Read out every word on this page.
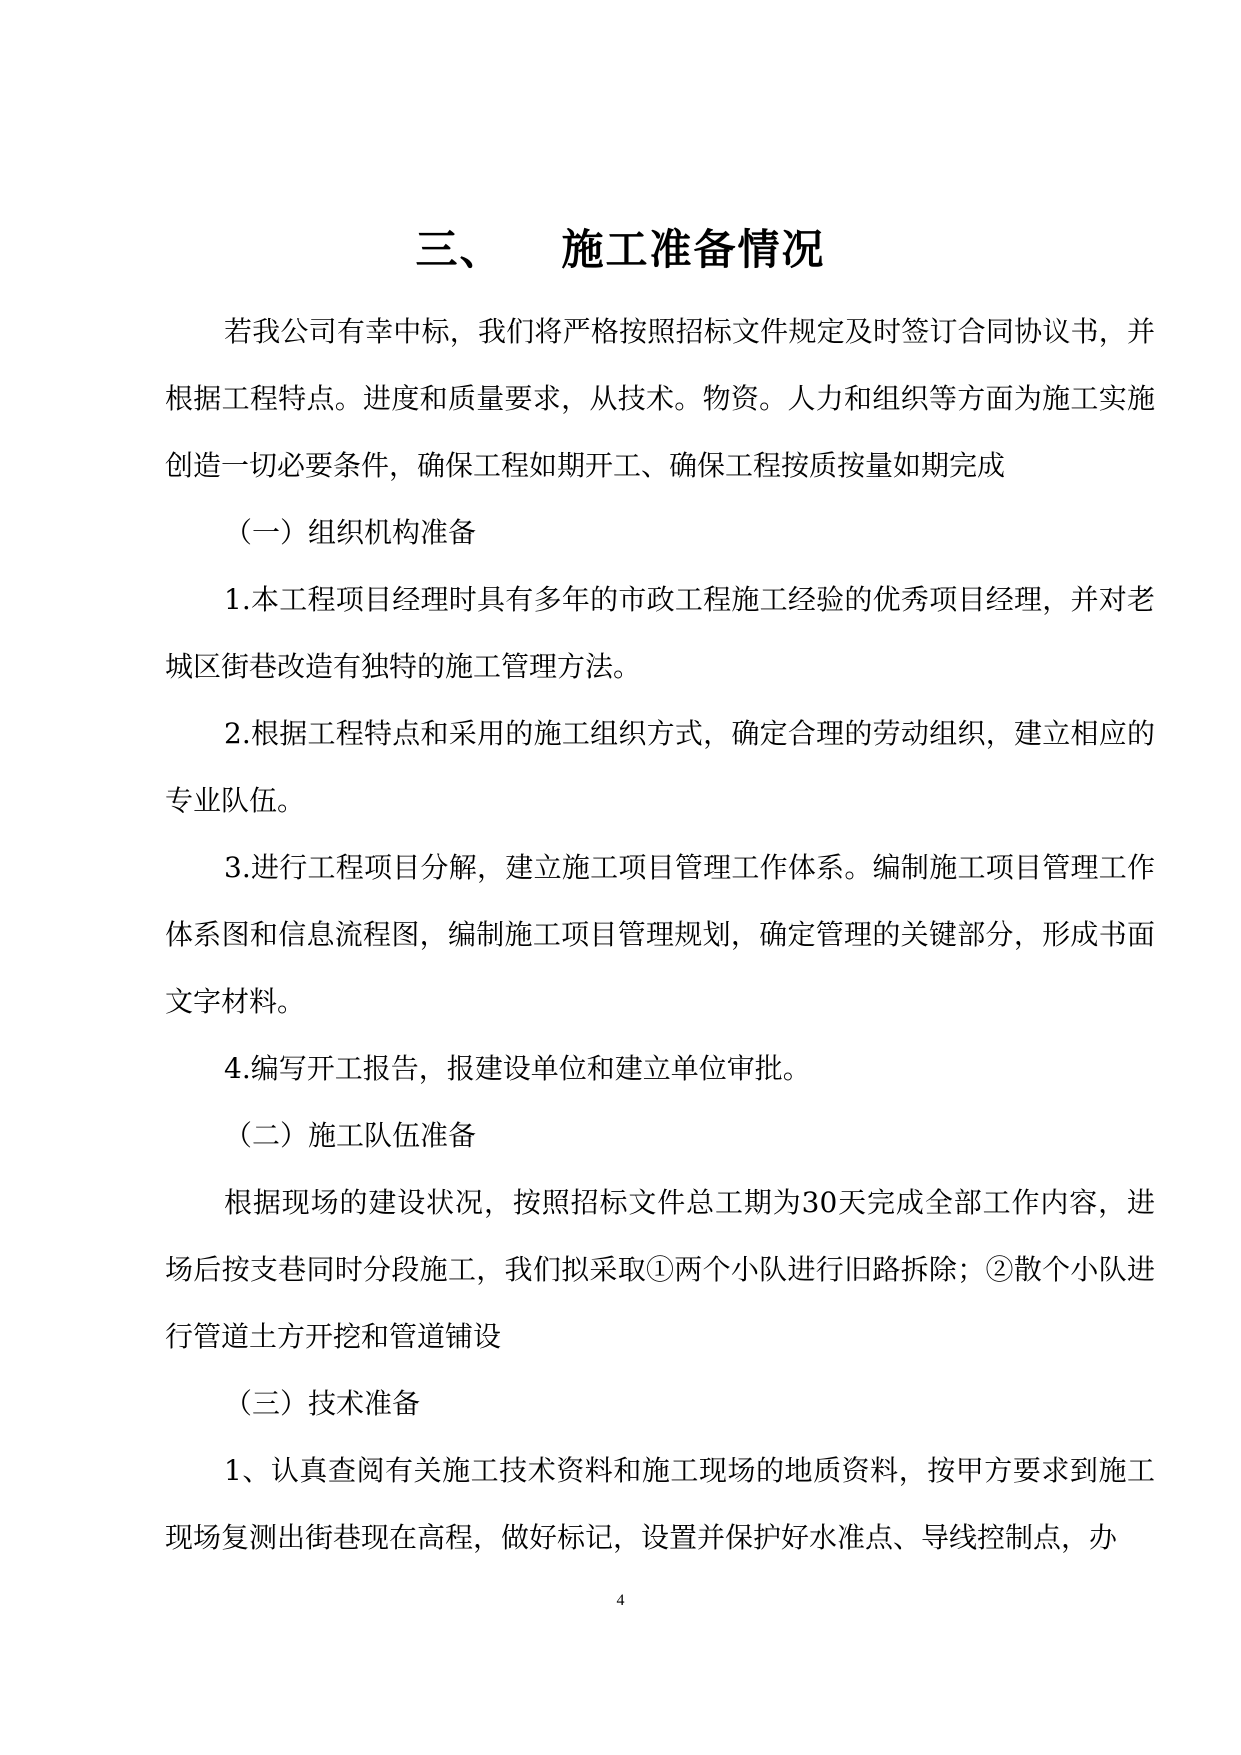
三、 施工准备情况

若我公司有幸中标，我们将严格按照招标文件规定及时签订合同协议书，并根据工程特点。进度和质量要求，从技术。物资。人力和组织等方面为施工实施创造一切必要条件，确保工程如期开工、确保工程按质按量如期完成

（一）组织机构准备

1.本工程项目经理时具有多年的市政工程施工经验的优秀项目经理，并对老城区街巷改造有独特的施工管理方法。

2.根据工程特点和采用的施工组织方式，确定合理的劳动组织，建立相应的专业队伍。

3.进行工程项目分解，建立施工项目管理工作体系。编制施工项目管理工作体系图和信息流程图，编制施工项目管理规划，确定管理的关键部分，形成书面文字材料。

4.编写开工报告，报建设单位和建立单位审批。

（二）施工队伍准备

根据现场的建设状况，按照招标文件总工期为30天完成全部工作内容，进场后按支巷同时分段施工，我们拟采取①两个小队进行旧路拆除；②散个小队进行管道土方开挖和管道铺设

（三）技术准备

1、认真查阅有关施工技术资料和施工现场的地质资料，按甲方要求到施工现场复测出街巷现在高程，做好标记，设置并保护好水准点、导线控制点，办

4
